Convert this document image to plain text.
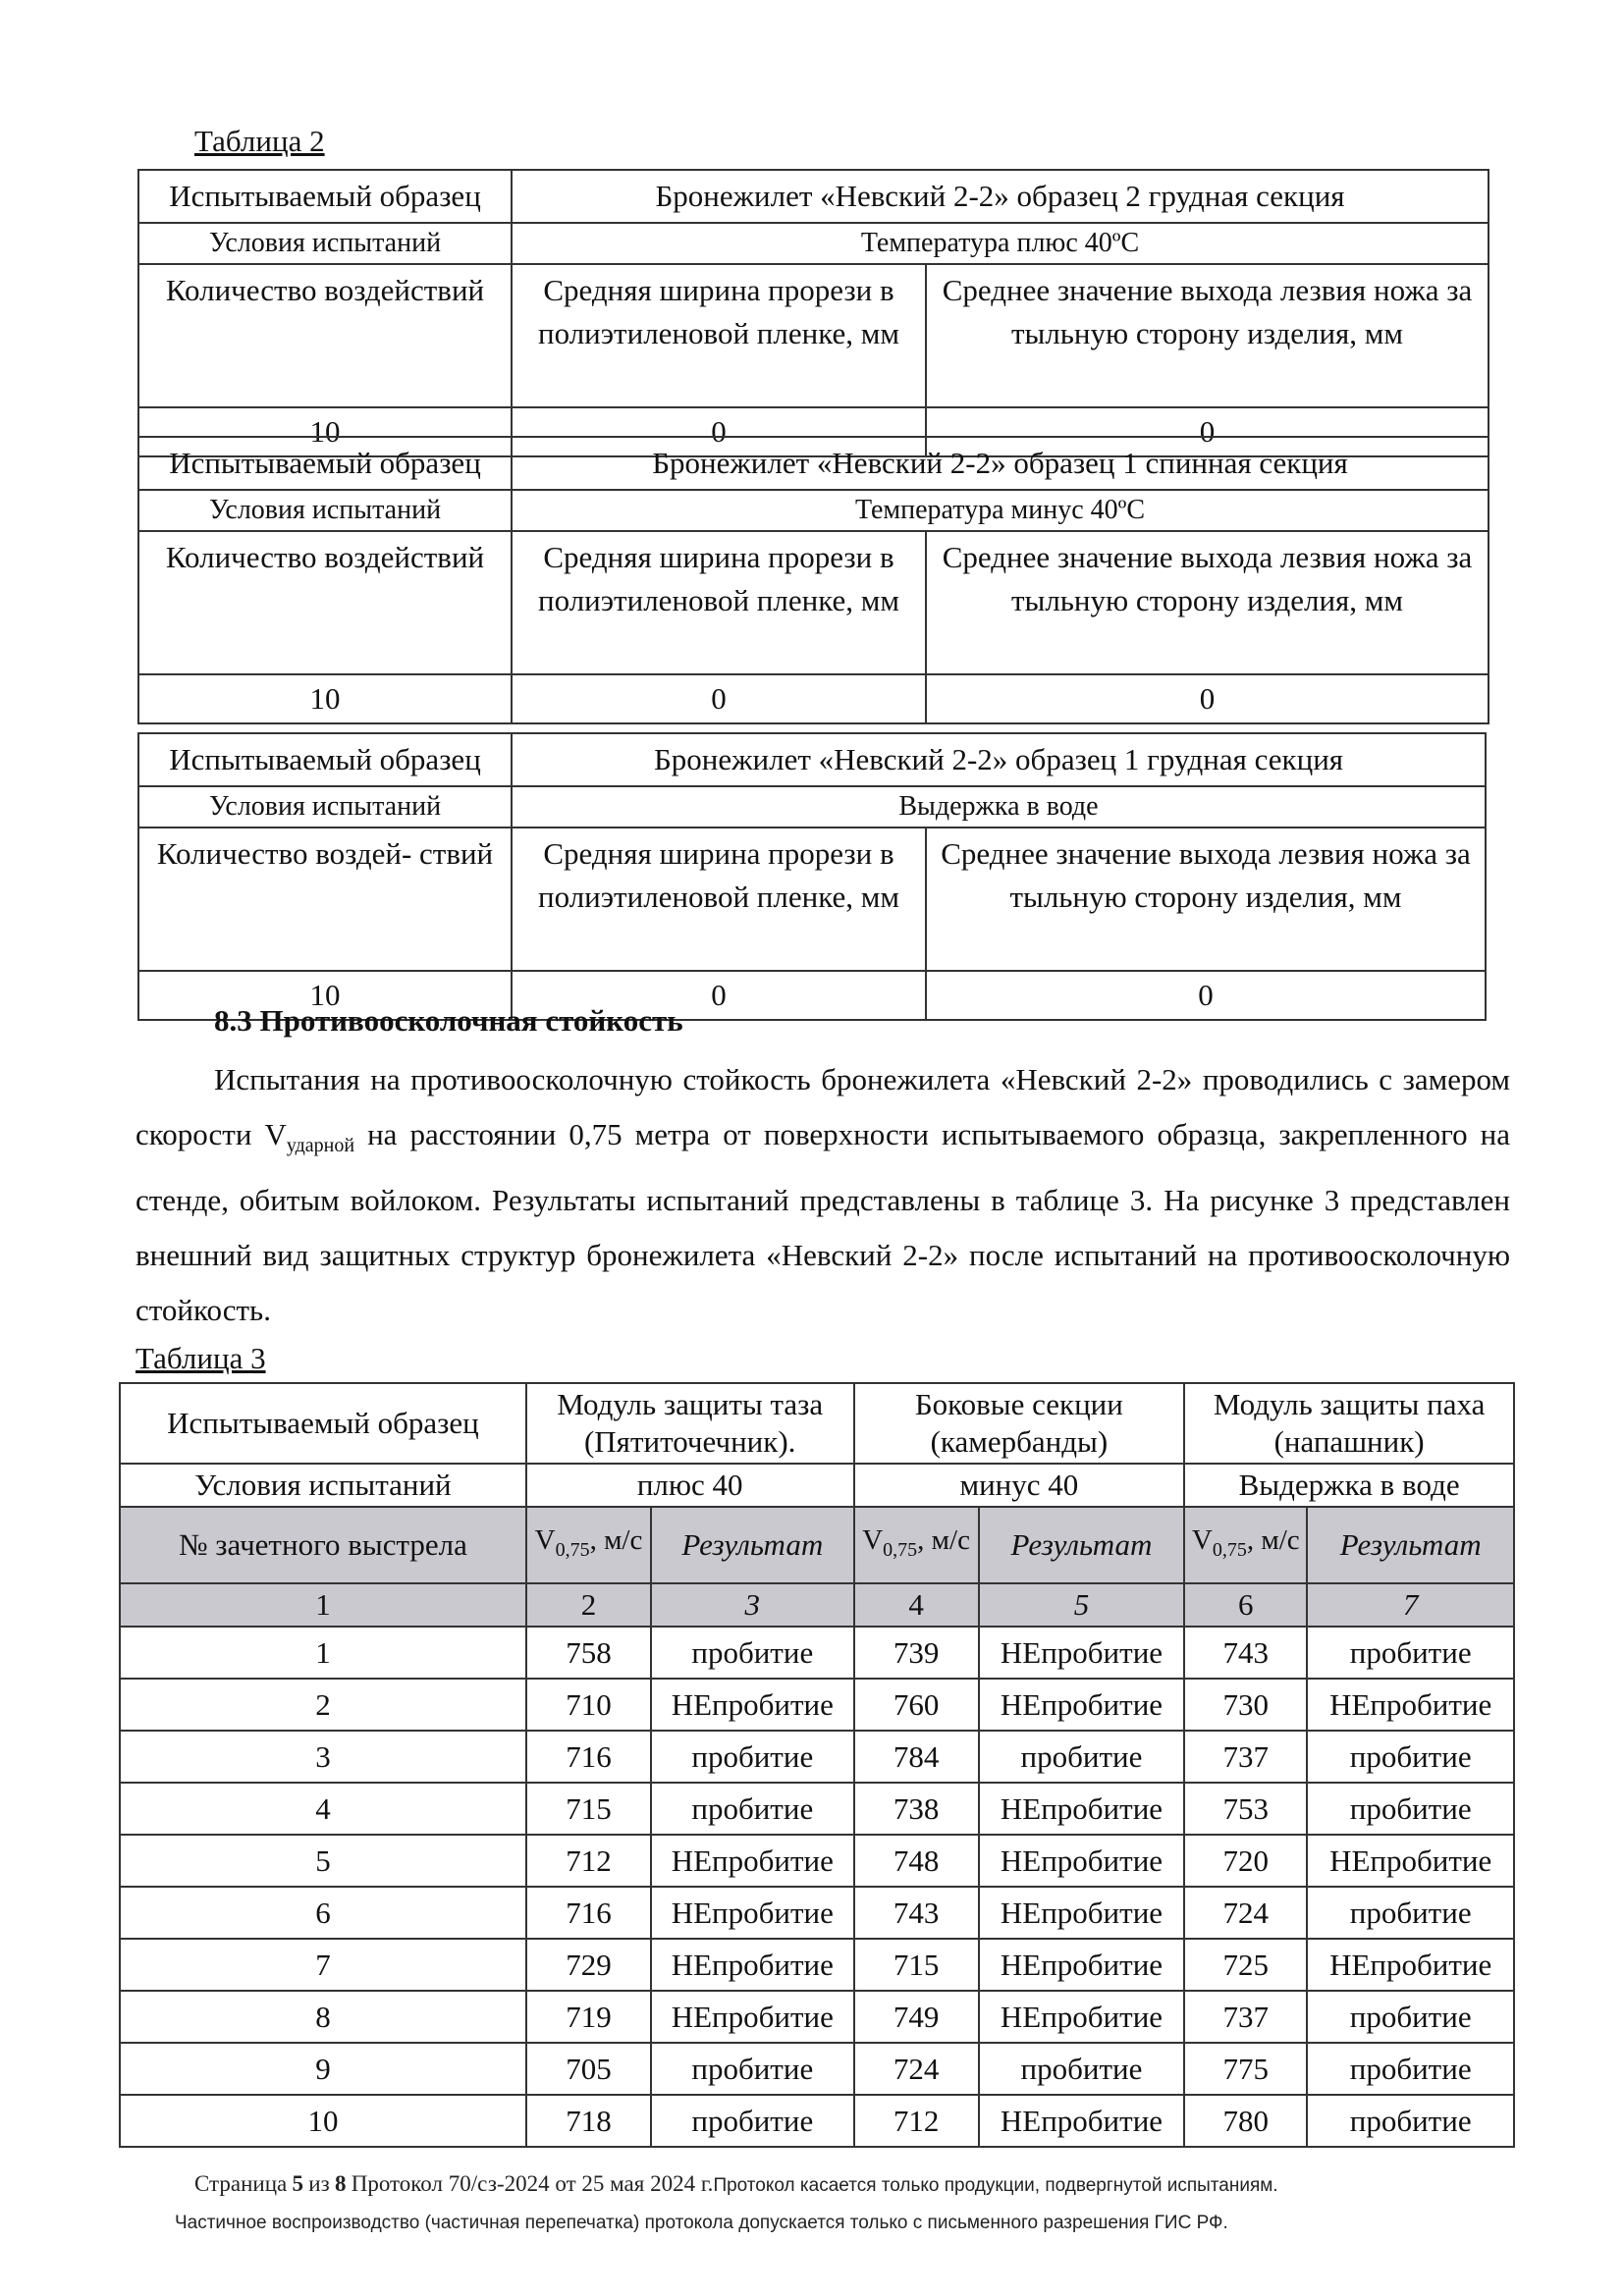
Таблица 2
Испытываемый образец	Бронежилет «Невский 2-2» образец 2 грудная секция	
Условия испытаний	Температура плюс 40ºC	
Количество воздействий	Средняя ширина прорези в полиэтиленовой пленке, мм	Среднее значение выхода лезвия ножа за тыльную сторону изделия, мм
10	0	0
Испытываемый образец	Бронежилет «Невский 2-2» образец 1 спинная секция	
Условия испытаний	Температура минус 40ºC	
Количество воздействий	Средняя ширина прорези в полиэтиленовой пленке, мм	Среднее значение выхода лезвия ножа за тыльную сторону изделия, мм
10	0	0
Испытываемый образец	Бронежилет «Невский 2-2» образец 1 грудная секция	
Условия испытаний	Выдержка в воде	
Количество воздей- ствий	Средняя ширина прорези в полиэтиленовой пленке, мм	Среднее значение выхода лезвия ножа за тыльную сторону изделия, мм
10	0	0
8.3 Противоосколочная стойкость

Испытания на противоосколочную стойкость бронежилета «Невский 2-2» проводились с замером скорости $V_{ударной}$ на расстоянии 0,75 метра от поверхности испытываемого образца, закрепленного на стенде, обитым войлоком. Результаты испытаний представлены в таблице 3. На рисунке 3 представлен внешний вид защитных структур бронежилета «Невский 2-2» после испытаний на противоосколочную стойкость.

Таблица 3
Испытываемый образец	Модуль защиты таза (Пятиточечник).		Боковые секции (камербанды)		Модуль защиты паха (напашник)	
Условия испытаний	плюс 40		минус 40		Выдержка в воде	
№ зачетного выстрела	$V_{0,75}$, м/с	Результат	$V_{0,75}$, м/с	Результат	$V_{0,75}$, м/с	Результат
1	2	3	4	5	6	7
1	758	пробитие	739	НЕпробитие	743	пробитие
2	710	НЕпробитие	760	НЕпробитие	730	НЕпробитие
3	716	пробитие	784	пробитие	737	пробитие
4	715	пробитие	738	НЕпробитие	753	пробитие
5	712	НЕпробитие	748	НЕпробитие	720	НЕпробитие
6	716	НЕпробитие	743	НЕпробитие	724	пробитие
7	729	НЕпробитие	715	НЕпробитие	725	НЕпробитие
8	719	НЕпробитие	749	НЕпробитие	737	пробитие
9	705	пробитие	724	пробитие	775	пробитие
10	718	пробитие	712	НЕпробитие	780	пробитие
Страница 5 из 8 Протокол 70/сз-2024 от 25 мая 2024 г.Протокол касается только продукции, подвергнутой испытаниям.
Частичное воспроизводство (частичная перепечатка) протокола допускается только с письменного разрешения ГИС РФ.
